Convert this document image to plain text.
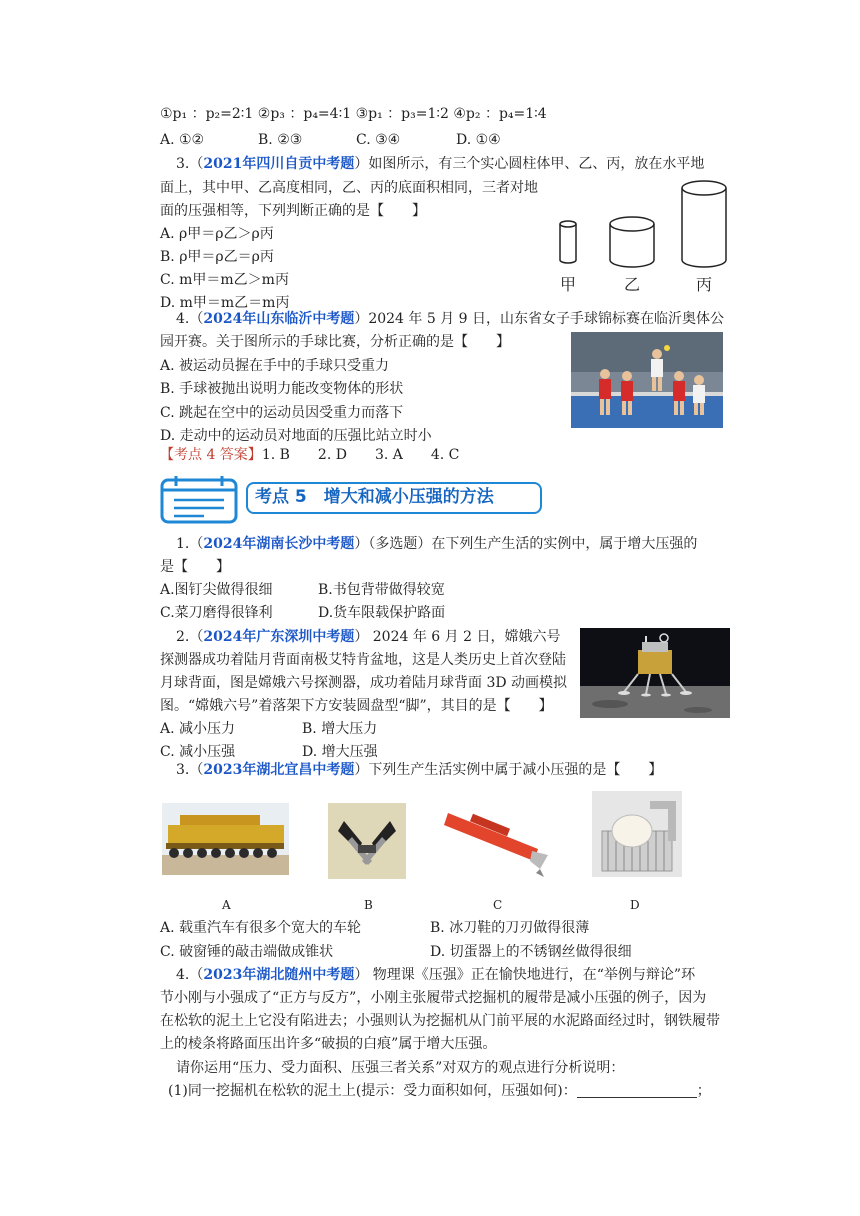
①p₁ ：p₂=2∶1 ②p₃ ：p₄=4∶1 ③p₁ ：p₃=1∶2 ④p₂ ：p₄=1∶4
A. ①②	B. ②③	C. ③④	D. ①④
3.（2021年四川自贡中考题）如图所示，有三个实心圆柱体甲、乙、丙，放在水平地
面上，其中甲、乙高度相同，乙、丙的底面积相同，三者对地
面的压强相等，下列判断正确的是【　　】
A. ρ甲＝ρ乙＞ρ丙
B. ρ甲＝ρ乙＝ρ丙
C. m甲＝m乙＞m丙
D. m甲＝m乙＝m丙
甲	乙	丙
4.（2024年山东临沂中考题）2024 年 5 月 9 日，山东省女子手球锦标赛在临沂奥体公
园开赛。关于图所示的手球比赛，分析正确的是【　　】
A. 被运动员握在手中的手球只受重力
B. 手球被抛出说明力能改变物体的形状
C. 跳起在空中的运动员因受重力而落下
D. 走动中的运动员对地面的压强比站立时小
【考点 4 答案】1. B　　2. D　　3. A　　4. C
考点 5　增大和减小压强的方法
1.（2024年湖南长沙中考题）（多选题）在下列生产生活的实例中，属于增大压强的
是【　　】
A.图钉尖做得很细	B.书包背带做得较宽
C.菜刀磨得很锋利	D.货车限载保护路面
2.（2024年广东深圳中考题） 2024 年 6 月 2 日，嫦娥六号
探测器成功着陆月背面南极艾特肯盆地，这是人类历史上首次登陆
月球背面，图是嫦娥六号探测器，成功着陆月球背面 3D 动画模拟
图。“嫦娥六号”着落架下方安装圆盘型“脚”，其目的是【　　】
A. 减小压力	B. 增大压力
C. 减小压强	D. 增大压强
3.（2023年湖北宜昌中考题）下列生产生活实例中属于减小压强的是【　　】
A	B	C	D
A. 载重汽车有很多个宽大的车轮	B. 冰刀鞋的刀刃做得很薄
C. 破窗锤的敲击端做成锥状	D. 切蛋器上的不锈钢丝做得很细
4.（2023年湖北随州中考题） 物理课《压强》正在愉快地进行，在“举例与辩论”环
节小刚与小强成了“正方与反方”，小刚主张履带式挖掘机的履带是减小压强的例子，因为
在松软的泥土上它没有陷进去；小强则认为挖掘机从门前平展的水泥路面经过时，钢铁履带
上的棱条将路面压出许多“破损的白痕”属于增大压强。
请你运用“压力、受力面积、压强三者关系”对双方的观点进行分析说明：
(1)同一挖掘机在松软的泥土上(提示：受力面积如何，压强如何)：	；
